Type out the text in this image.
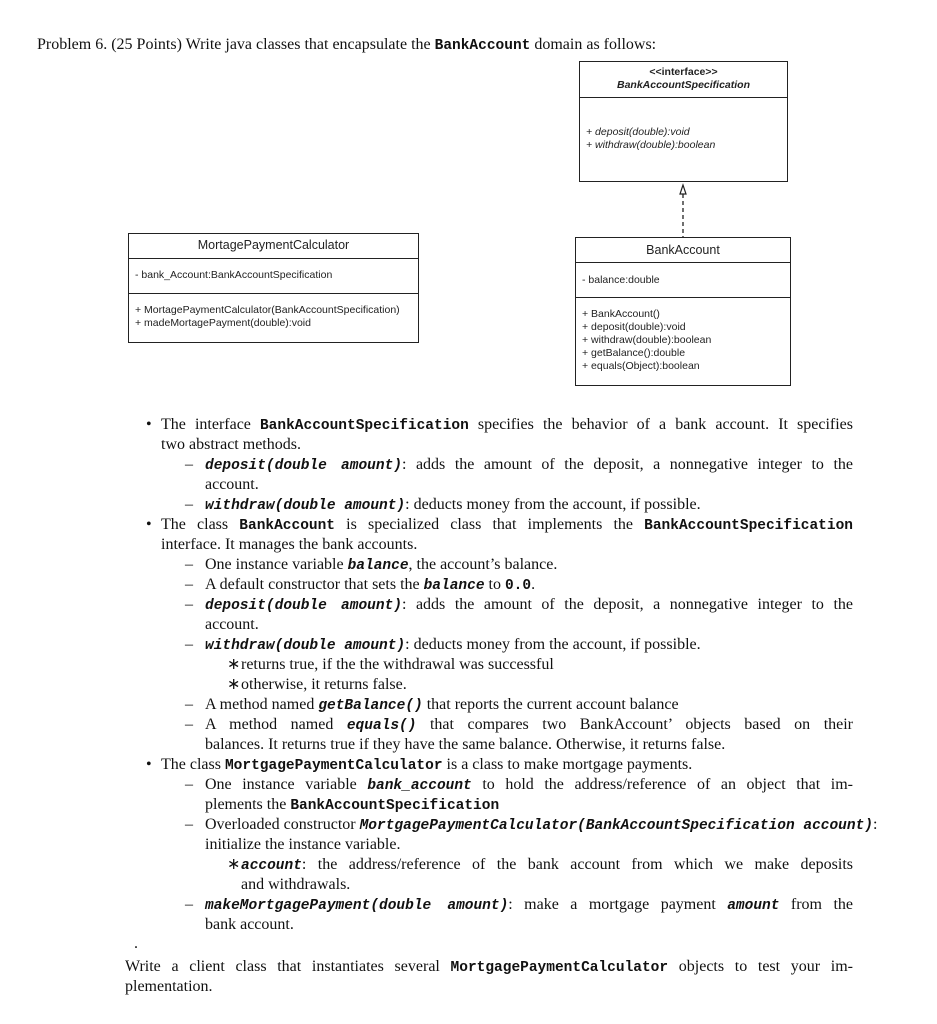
Problem 6. (25 Points) Write java classes that encapsulate the BankAccount domain as follows:
<<interface>>
BankAccountSpecification
+ deposit(double):void
+ withdraw(double):boolean
BankAccount
- balance:double
+ BankAccount()
+ deposit(double):void
+ withdraw(double):boolean
+ getBalance():double
+ equals(Object):boolean
MortagePaymentCalculator
- bank_Account:BankAccountSpecification
+ MortagePaymentCalculator(BankAccountSpecification)
+ madeMortagePayment(double):void
• The interface BankAccountSpecification specifies the behavior of a bank account. It specifies
two abstract methods.
– deposit(double amount): adds the amount of the deposit, a nonnegative integer to the
account.
– withdraw(double amount): deducts money from the account, if possible.
• The class BankAccount is specialized class that implements the BankAccountSpecification
interface. It manages the bank accounts.
– One instance variable balance, the account’s balance.
– A default constructor that sets the balance to 0.0.
– deposit(double amount): adds the amount of the deposit, a nonnegative integer to the
account.
– withdraw(double amount): deducts money from the account, if possible.
∗ returns true, if the the withdrawal was successful
∗ otherwise, it returns false.
– A method named getBalance() that reports the current account balance
– A method named equals() that compares two BankAccount’ objects based on their
balances. It returns true if they have the same balance. Otherwise, it returns false.
• The class MortgagePaymentCalculator is a class to make mortgage payments.
– One instance variable bank_account to hold the address/reference of an object that im-
plements the BankAccountSpecification
– Overloaded constructor MortgagePaymentCalculator(BankAccountSpecification account):
initialize the instance variable.
∗ account: the address/reference of the bank account from which we make deposits
and withdrawals.
– makeMortgagePayment(double amount): make a mortgage payment amount from the
bank account.
.
Write a client class that instantiates several MortgagePaymentCalculator objects to test your im-
plementation.
